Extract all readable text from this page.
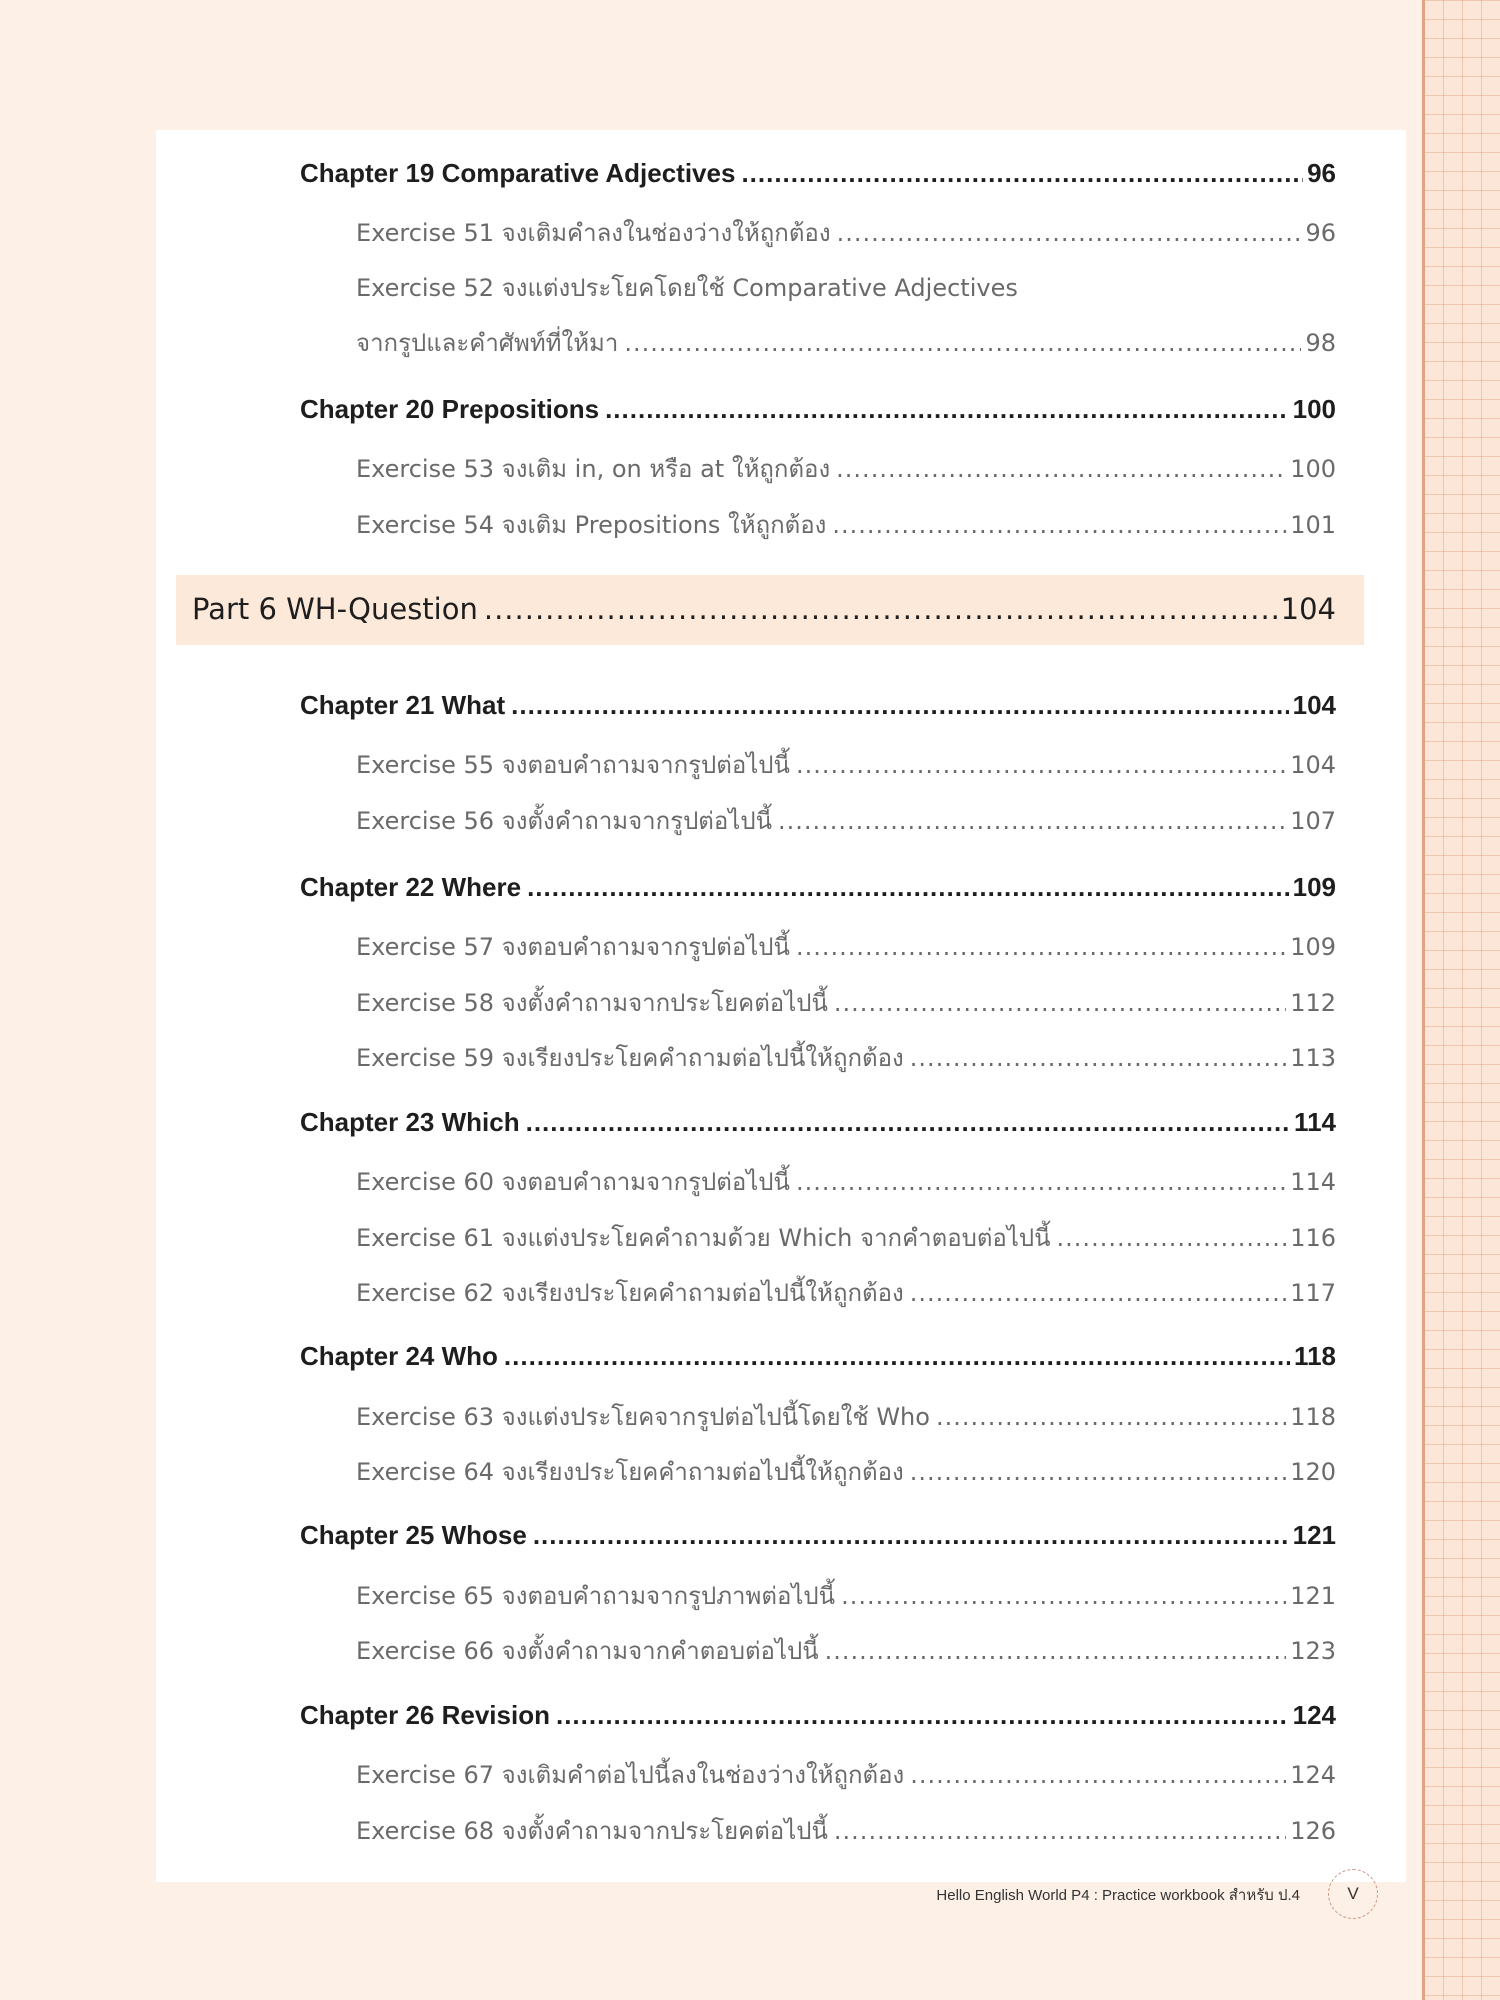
Chapter 19 Comparative Adjectives .....	96
Exercise 51 จงเติมคำลงในช่องว่างให้ถูกต้อง .....	96
Exercise 52 จงแต่งประโยคโดยใช้ Comparative Adjectives
จากรูปและคำศัพท์ที่ให้มา .....	98
Chapter 20 Prepositions .....	100
Exercise 53 จงเติม in, on หรือ at ให้ถูกต้อง .....	100
Exercise 54 จงเติม Prepositions ให้ถูกต้อง .....	101
Part 6 WH-Question .....	104
Chapter 21 What .....	104
Exercise 55 จงตอบคำถามจากรูปต่อไปนี้ .....	104
Exercise 56 จงตั้งคำถามจากรูปต่อไปนี้ .....	107
Chapter 22 Where .....	109
Exercise 57 จงตอบคำถามจากรูปต่อไปนี้ .....	109
Exercise 58 จงตั้งคำถามจากประโยคต่อไปนี้ .....	112
Exercise 59 จงเรียงประโยคคำถามต่อไปนี้ให้ถูกต้อง .....	113
Chapter 23 Which .....	114
Exercise 60 จงตอบคำถามจากรูปต่อไปนี้ .....	114
Exercise 61 จงแต่งประโยคคำถามด้วย Which จากคำตอบต่อไปนี้ .....	116
Exercise 62 จงเรียงประโยคคำถามต่อไปนี้ให้ถูกต้อง .....	117
Chapter 24 Who .....	118
Exercise 63 จงแต่งประโยคจากรูปต่อไปนี้โดยใช้ Who .....	118
Exercise 64 จงเรียงประโยคคำถามต่อไปนี้ให้ถูกต้อง .....	120
Chapter 25 Whose .....	121
Exercise 65 จงตอบคำถามจากรูปภาพต่อไปนี้ .....	121
Exercise 66 จงตั้งคำถามจากคำตอบต่อไปนี้ .....	123
Chapter 26 Revision .....	124
Exercise 67 จงเติมคำต่อไปนี้ลงในช่องว่างให้ถูกต้อง .....	124
Exercise 68 จงตั้งคำถามจากประโยคต่อไปนี้ .....	126
Hello English World P4 : Practice workbook สำหรับ ป.4	V
